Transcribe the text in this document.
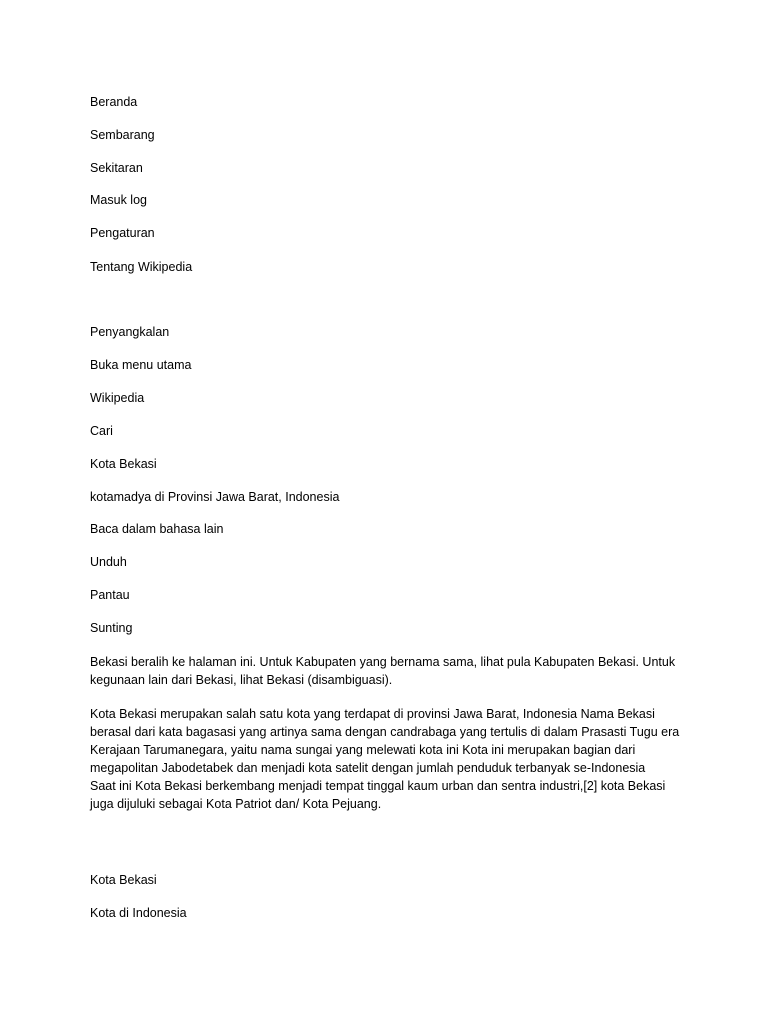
Beranda
Sembarang
Sekitaran
Masuk log
Pengaturan
Tentang Wikipedia
Penyangkalan
Buka menu utama
Wikipedia
Cari
Kota Bekasi
kotamadya di Provinsi Jawa Barat, Indonesia
Baca dalam bahasa lain
Unduh
Pantau
Sunting
Bekasi beralih ke halaman ini. Untuk Kabupaten yang bernama sama, lihat pula Kabupaten Bekasi. Untuk kegunaan lain dari Bekasi, lihat Bekasi (disambiguasi).
Kota Bekasi merupakan salah satu kota yang terdapat di provinsi Jawa Barat, Indonesia Nama Bekasi
berasal dari kata bagasasi yang artinya sama dengan candrabaga yang tertulis di dalam Prasasti Tugu era
Kerajaan Tarumanegara, yaitu nama sungai yang melewati kota ini Kota ini merupakan bagian dari
megapolitan Jabodetabek dan menjadi kota satelit dengan jumlah penduduk terbanyak se-Indonesia
Saat ini Kota Bekasi berkembang menjadi tempat tinggal kaum urban dan sentra industri,[2] kota Bekasi
juga dijuluki sebagai Kota Patriot dan/ Kota Pejuang.
Kota Bekasi
Kota di Indonesia
